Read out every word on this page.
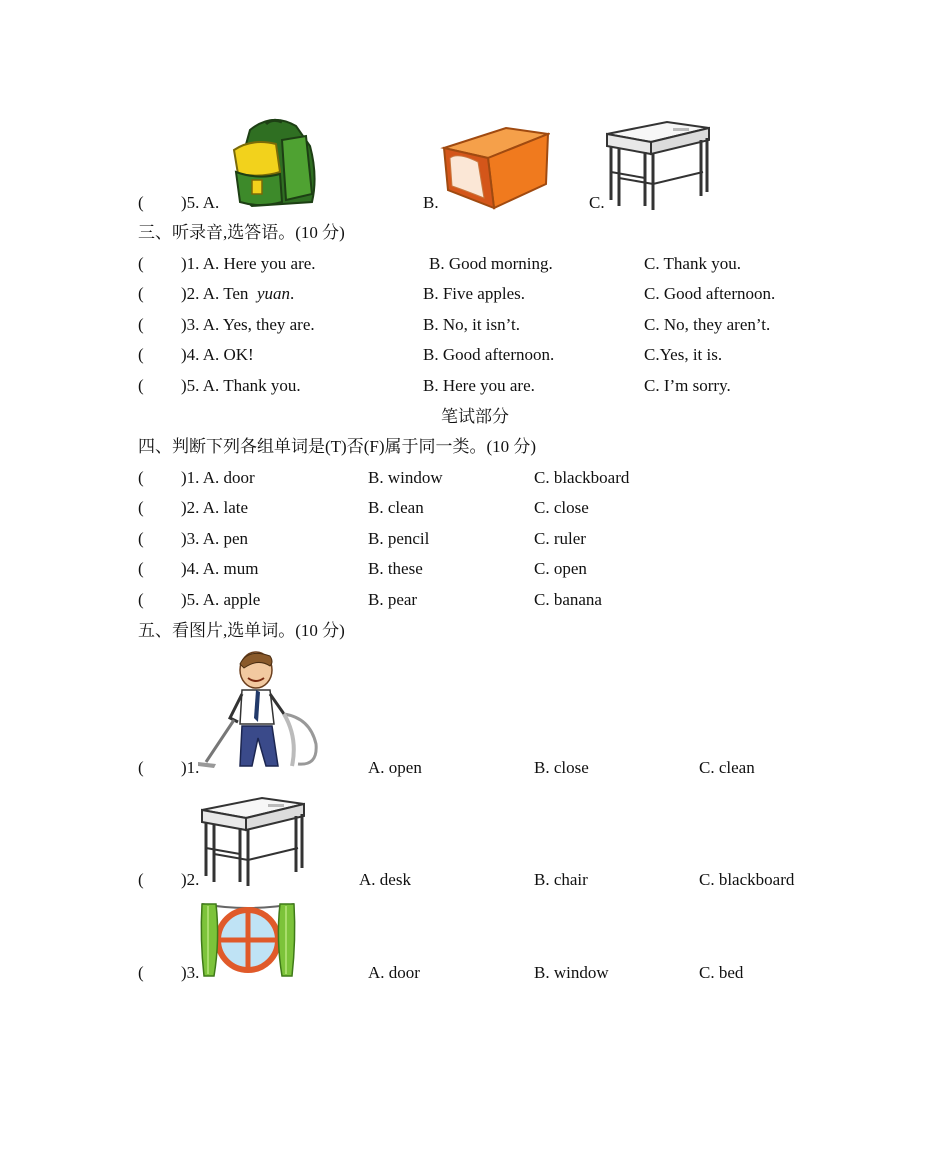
( )5. A.	B.	C.
三、听录音,选答语。(10 分)
( )1. A. Here you are.	B. Good morning.	C. Thank you.
( )2. A. Ten yuan.	B. Five apples.	C. Good afternoon.
( )3. A. Yes, they are.	B. No, it isn’t.	C. No, they aren’t.
( )4. A. OK!	B. Good afternoon.	C.Yes, it is.
( )5. A. Thank you.	B. Here you are.	C. I’m sorry.
笔试部分
四、判断下列各组单词是(T)否(F)属于同一类。(10 分)
( )1. A. door	B. window	C. blackboard
( )2. A. late	B. clean	C. close
( )3. A. pen	B. pencil	C. ruler
( )4. A. mum	B. these	C. open
( )5. A. apple	B. pear	C. banana
五、看图片,选单词。(10 分)
( )1.	A. open	B. close	C. clean
( )2.	A. desk	B. chair	C. blackboard
( )3.	A. door	B. window	C. bed
